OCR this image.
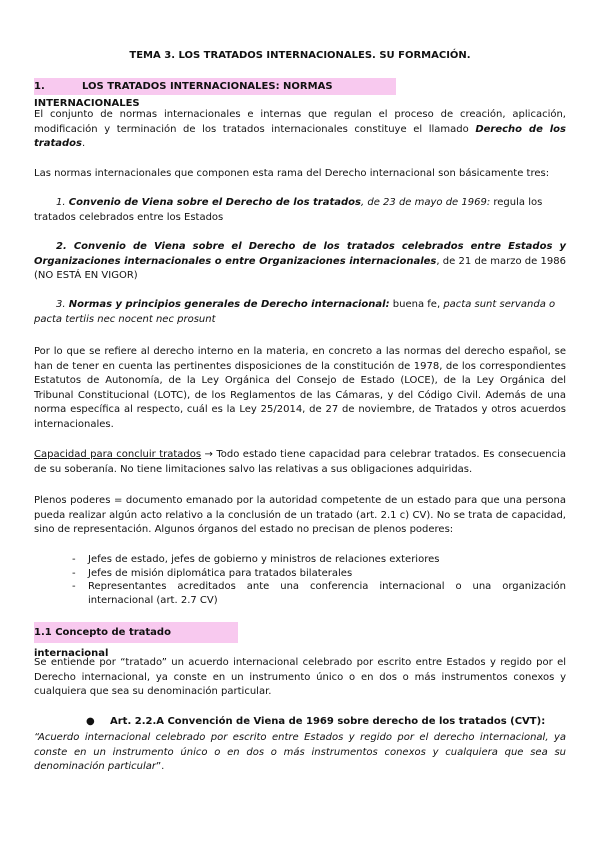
TEMA 3. LOS TRATADOS INTERNACIONALES. SU FORMACIÓN.
1.	LOS TRATADOS INTERNACIONALES: NORMAS INTERNACIONALES

El conjunto de normas internacionales e internas que regulan el proceso de creación, aplicación, modificación y terminación de los tratados internacionales constituye el llamado Derecho de los tratados.

Las normas internacionales que componen esta rama del Derecho internacional son básicamente tres:

1. Convenio de Viena sobre el Derecho de los tratados, de 23 de mayo de 1969: regula los tratados celebrados entre los Estados

2. Convenio de Viena sobre el Derecho de los tratados celebrados entre Estados y Organizaciones internacionales o entre Organizaciones internacionales, de 21 de marzo de 1986 (NO ESTÁ EN VIGOR)

3. Normas y principios generales de Derecho internacional: buena fe, pacta sunt servanda o pacta tertiis nec nocent nec prosunt

Por lo que se refiere al derecho interno en la materia, en concreto a las normas del derecho español, se han de tener en cuenta las pertinentes disposiciones de la constitución de 1978, de los correspondientes Estatutos de Autonomía, de la Ley Orgánica del Consejo de Estado (LOCE), de la Ley Orgánica del Tribunal Constitucional (LOTC), de los Reglamentos de las Cámaras, y del Código Civil. Además de una norma específica al respecto, cuál es la Ley 25/2014, de 27 de noviembre, de Tratados y otros acuerdos internacionales.

Capacidad para concluir tratados → Todo estado tiene capacidad para celebrar tratados. Es consecuencia de su soberanía. No tiene limitaciones salvo las relativas a sus obligaciones adquiridas.

Plenos poderes = documento emanado por la autoridad competente de un estado para que una persona pueda realizar algún acto relativo a la conclusión de un tratado (art. 2.1 c) CV). No se trata de capacidad, sino de representación. Algunos órganos del estado no precisan de plenos poderes:

- Jefes de estado, jefes de gobierno y ministros de relaciones exteriores
- Jefes de misión diplomática para tratados bilaterales
- Representantes acreditados ante una conferencia internacional o una organización internacional (art. 2.7 CV)
1.1 Concepto de tratado internacional

Se entiende por “tratado” un acuerdo internacional celebrado por escrito entre Estados y regido por el Derecho internacional, ya conste en un instrumento único o en dos o más instrumentos conexos y cualquiera que sea su denominación particular.

● Art. 2.2.A Convención de Viena de 1969 sobre derecho de los tratados (CVT):

“Acuerdo internacional celebrado por escrito entre Estados y regido por el derecho internacional, ya conste en un instrumento único o en dos o más instrumentos conexos y cualquiera que sea su denominación particular”.
